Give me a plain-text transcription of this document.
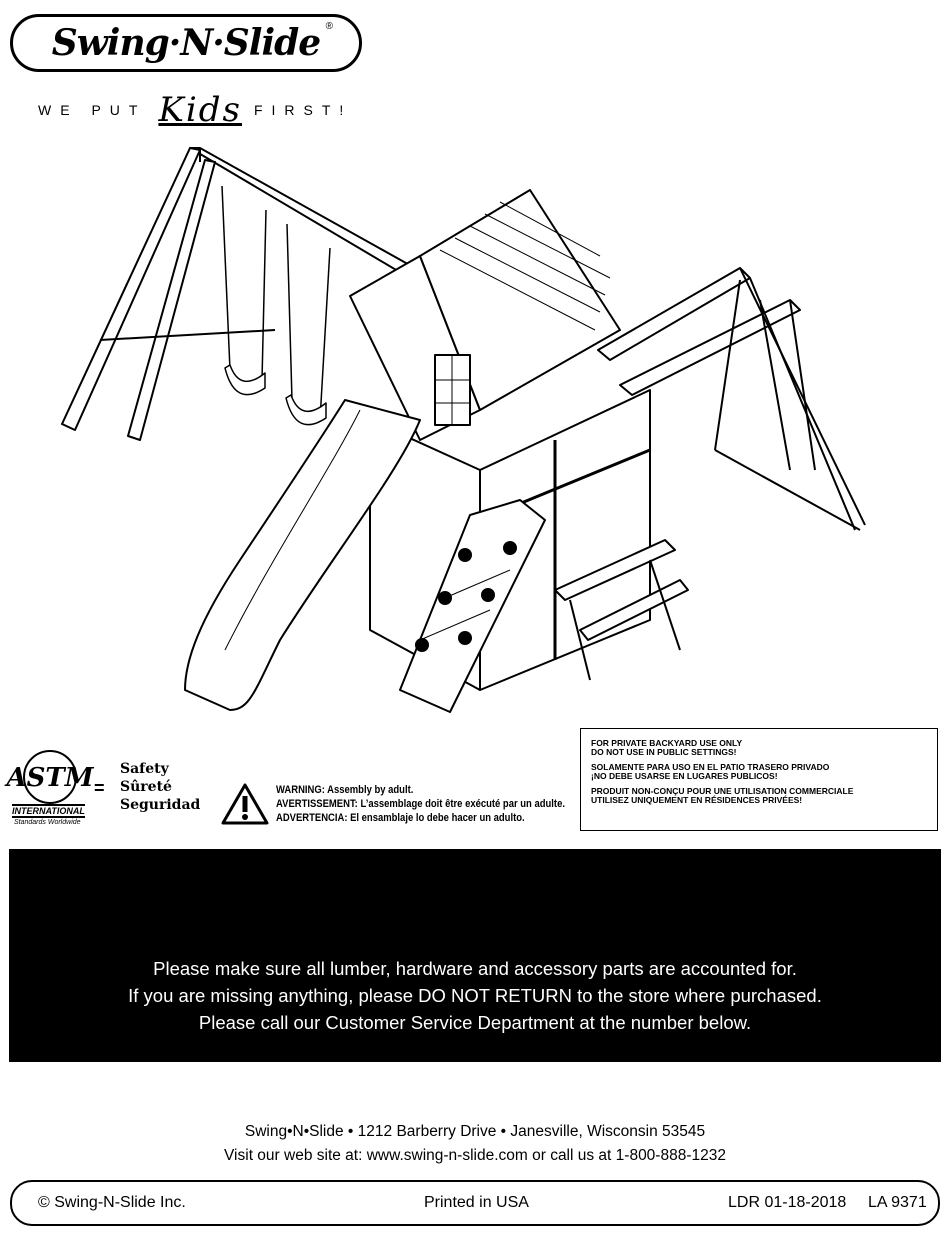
Swing·N·Slide ®
WE PUT Kids FIRST!
ASTM
INTERNATIONAL
Standards Worldwide
=
Safety
Sûreté
Seguridad
WARNING: Assembly by adult.
AVERTISSEMENT: L’assemblage doit être exécuté par un adulte.
ADVERTENCIA: El ensamblaje lo debe hacer un adulto.

FOR PRIVATE BACKYARD USE ONLY
DO NOT USE IN PUBLIC SETTINGS!

SOLAMENTE PARA USO EN EL PATIO TRASERO PRIVADO
¡NO DEBE USARSE EN LUGARES PUBLICOS!

PRODUIT NON-CONÇU POUR UNE UTILISATION COMMERCIALE
UTILISEZ UNIQUEMENT EN RÉSIDENCES PRIVÉES!

Please make sure all lumber, hardware and accessory parts are accounted for.
If you are missing anything, please DO NOT RETURN to the store where purchased.
Please call our Customer Service Department at the number below.
Swing•N•Slide • 1212 Barberry Drive • Janesville, Wisconsin 53545
Visit our web site at: www.swing-n-slide.com or call us at 1-800-888-1232
© Swing-N-Slide Inc.	Printed in USA	LDR 01-18-2018 LA 9371
